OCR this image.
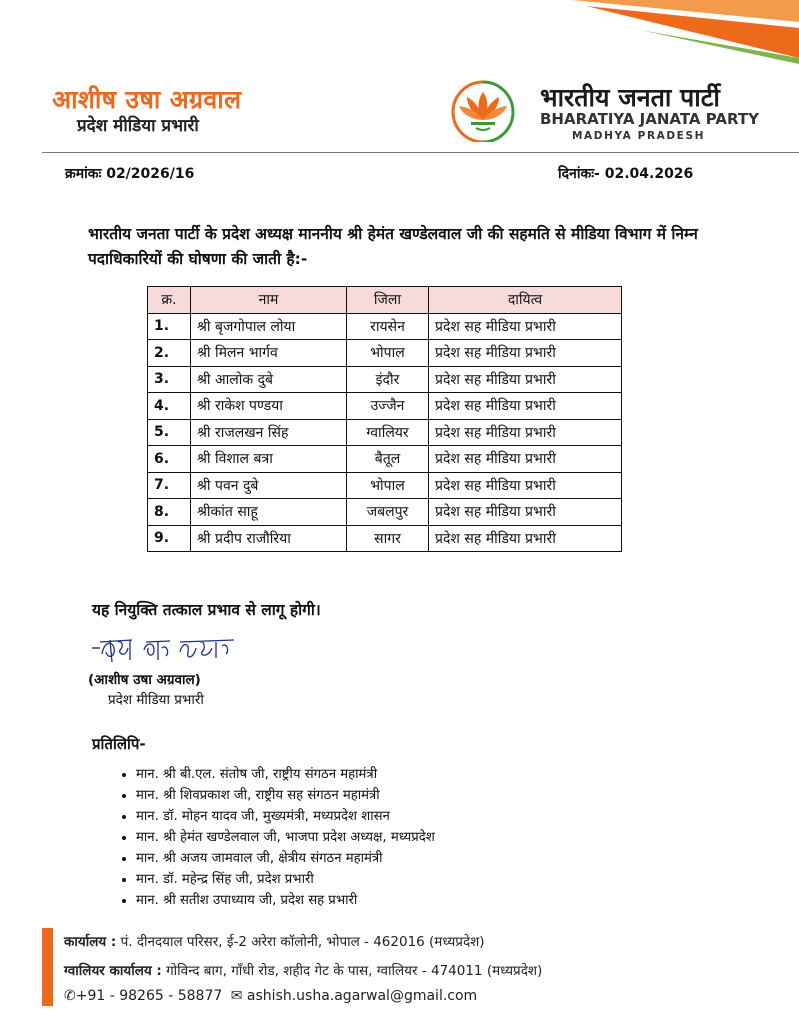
आशीष उषा अग्रवाल
प्रदेश मीडिया प्रभारी
भारतीय जनता पार्टी
BHARATIYA JANATA PARTY
MADHYA PRADESH
क्रमांकः 02/2026/16	दिनांकः- 02.04.2026
भारतीय जनता पार्टी के प्रदेश अध्यक्ष माननीय श्री हेमंत खण्डेलवाल जी की सहमति से मीडिया विभाग में निम्न पदाधिकारियों की घोषणा की जाती है:-
क्र.	नाम	जिला	दायित्व
1.	श्री बृजगोपाल लोया	रायसेन	प्रदेश सह मीडिया प्रभारी
2.	श्री मिलन भार्गव	भोपाल	प्रदेश सह मीडिया प्रभारी
3.	श्री आलोक दुबे	इंदौर	प्रदेश सह मीडिया प्रभारी
4.	श्री राकेश पण्डया	उज्जैन	प्रदेश सह मीडिया प्रभारी
5.	श्री राजलखन सिंह	ग्वालियर	प्रदेश सह मीडिया प्रभारी
6.	श्री विशाल बत्रा	बैतूल	प्रदेश सह मीडिया प्रभारी
7.	श्री पवन दुबे	भोपाल	प्रदेश सह मीडिया प्रभारी
8.	श्रीकांत साहू	जबलपुर	प्रदेश सह मीडिया प्रभारी
9.	श्री प्रदीप राजौरिया	सागर	प्रदेश सह मीडिया प्रभारी
यह नियुक्ति तत्काल प्रभाव से लागू होगी।
(आशीष उषा अग्रवाल)
प्रदेश मीडिया प्रभारी
प्रतिलिपि-
• मान. श्री बी.एल. संतोष जी, राष्ट्रीय संगठन महामंत्री
• मान. श्री शिवप्रकाश जी, राष्ट्रीय सह संगठन महामंत्री
• मान. डॉ. मोहन यादव जी, मुख्यमंत्री, मध्यप्रदेश शासन
• मान. श्री हेमंत खण्डेलवाल जी, भाजपा प्रदेश अध्यक्ष, मध्यप्रदेश
• मान. श्री अजय जामवाल जी, क्षेत्रीय संगठन महामंत्री
• मान. डॉ. महेन्द्र सिंह जी, प्रदेश प्रभारी
• मान. श्री सतीश उपाध्याय जी, प्रदेश सह प्रभारी
कार्यालय : पं. दीनदयाल परिसर, ई-2 अरेरा कॉलोनी, भोपाल - 462016 (मध्यप्रदेश)
ग्वालियर कार्यालय : गोविन्द बाग, गाँधी रोड, शहीद गेट के पास, ग्वालियर - 474011 (मध्यप्रदेश)
✆+91 - 98265 - 58877 ✉ ashish.usha.agarwal@gmail.com
